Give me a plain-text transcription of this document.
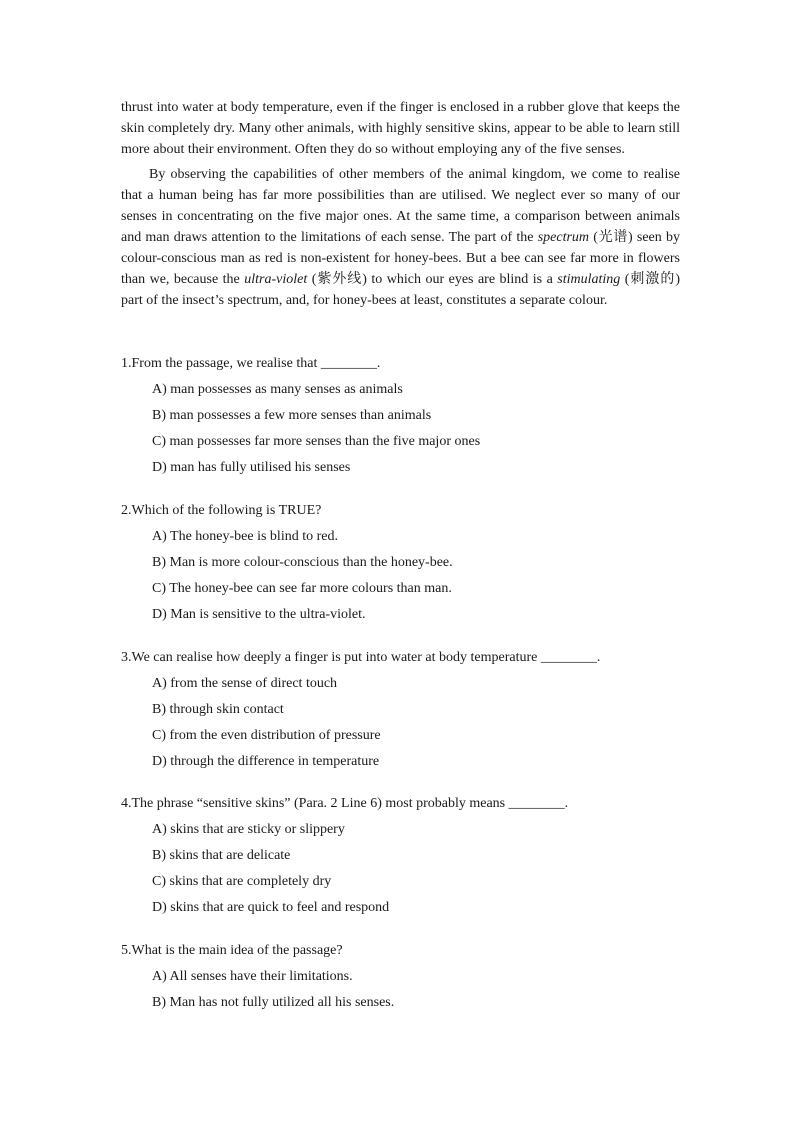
thrust into water at body temperature, even if the finger is enclosed in a rubber glove that keeps the skin completely dry. Many other animals, with highly sensitive skins, appear to be able to learn still more about their environment. Often they do so without employing any of the five senses.

By observing the capabilities of other members of the animal kingdom, we come to realise that a human being has far more possibilities than are utilised. We neglect ever so many of our senses in concentrating on the five major ones. At the same time, a comparison between animals and man draws attention to the limitations of each sense. The part of the spectrum (光谱) seen by colour-conscious man as red is non-existent for honey-bees. But a bee can see far more in flowers than we, because the ultra-violet (紫外线) to which our eyes are blind is a stimulating (刺激的) part of the insect’s spectrum, and, for honey-bees at least, constitutes a separate colour.

1.From the passage, we realise that ________.
A) man possesses as many senses as animals
B) man possesses a few more senses than animals
C) man possesses far more senses than the five major ones
D) man has fully utilised his senses
2.Which of the following is TRUE?
A) The honey-bee is blind to red.
B) Man is more colour-conscious than the honey-bee.
C) The honey-bee can see far more colours than man.
D) Man is sensitive to the ultra-violet.
3.We can realise how deeply a finger is put into water at body temperature ________.
A) from the sense of direct touch
B) through skin contact
C) from the even distribution of pressure
D) through the difference in temperature
4.The phrase “sensitive skins” (Para. 2 Line 6) most probably means ________.
A) skins that are sticky or slippery
B) skins that are delicate
C) skins that are completely dry
D) skins that are quick to feel and respond
5.What is the main idea of the passage?
A) All senses have their limitations.
B) Man has not fully utilized all his senses.
